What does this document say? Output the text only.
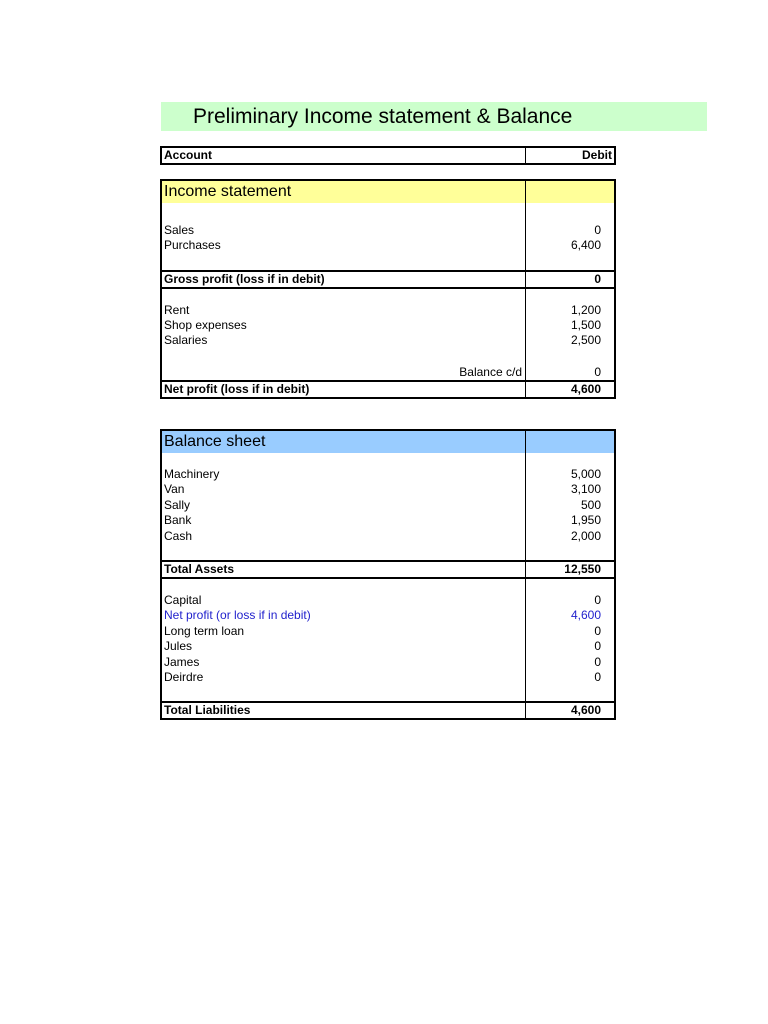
Preliminary Income statement & Balance
Account	Debit
Income statement
Sales	0
Purchases	6,400
Gross profit (loss if in debit)	0
Rent	1,200
Shop expenses	1,500
Salaries	2,500
Balance c/d	0
Net profit (loss if in debit)	4,600
Balance sheet
Machinery	5,000
Van	3,100
Sally	500
Bank	1,950
Cash	2,000
Total Assets	12,550
Capital	0
Net profit (or loss if in debit)	4,600
Long term loan	0
Jules	0
James	0
Deirdre	0
Total Liabilities	4,600
